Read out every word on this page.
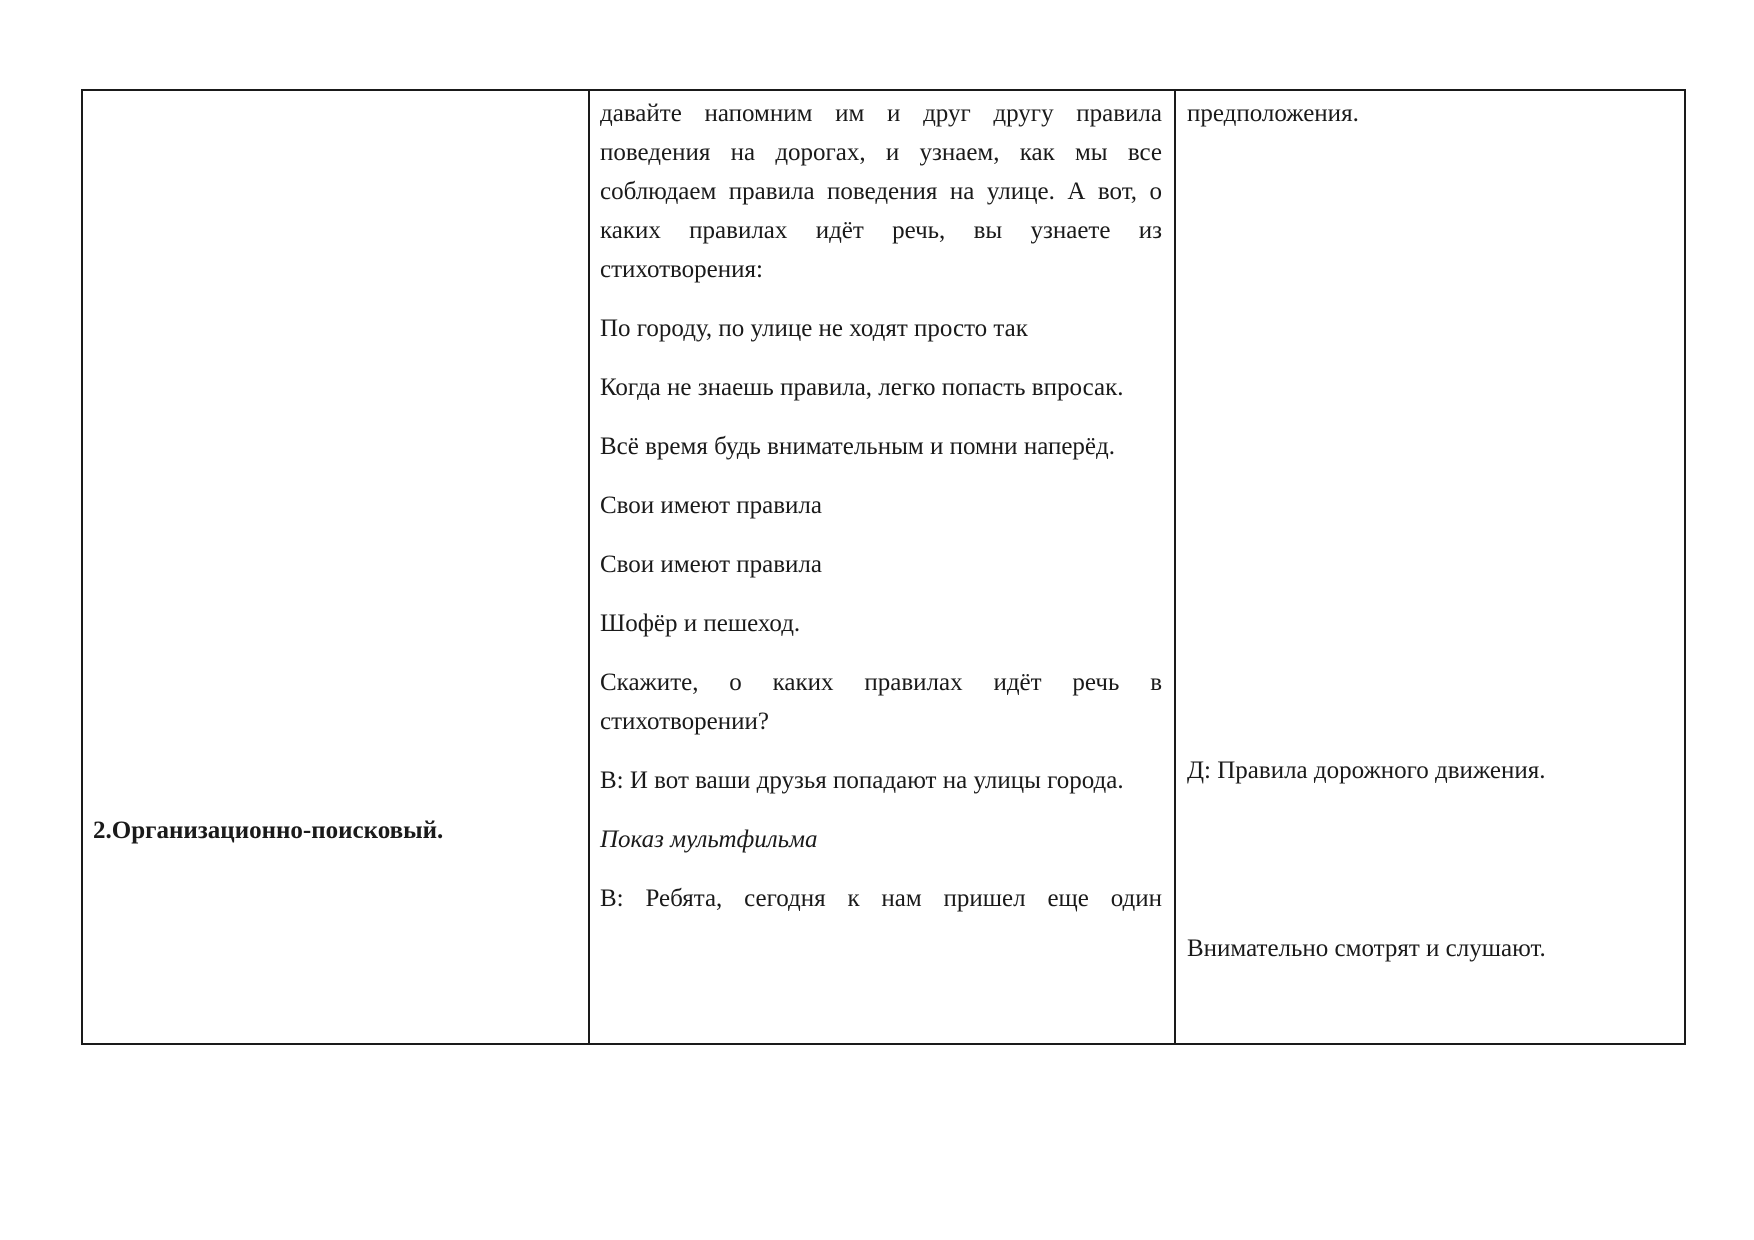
2.Организационно-поисковый.

давайте напомним им и друг другу правила поведения на дорогах, и узнаем, как мы все соблюдаем правила поведения на улице. А вот, о каких правилах идёт речь, вы узнаете из стихотворения:

По городу, по улице не ходят просто так

Когда не знаешь правила, легко попасть впросак.

Всё время будь внимательным и помни наперёд.

Свои имеют правила

Свои имеют правила

Шофёр и пешеход.

Скажите, о каких правилах идёт речь в стихотворении?

В: И вот ваши друзья попадают на улицы города.

Показ мультфильма

В: Ребята, сегодня к нам пришел еще один

предположения.
Д: Правила дорожного движения.
Внимательно смотрят и слушают.
